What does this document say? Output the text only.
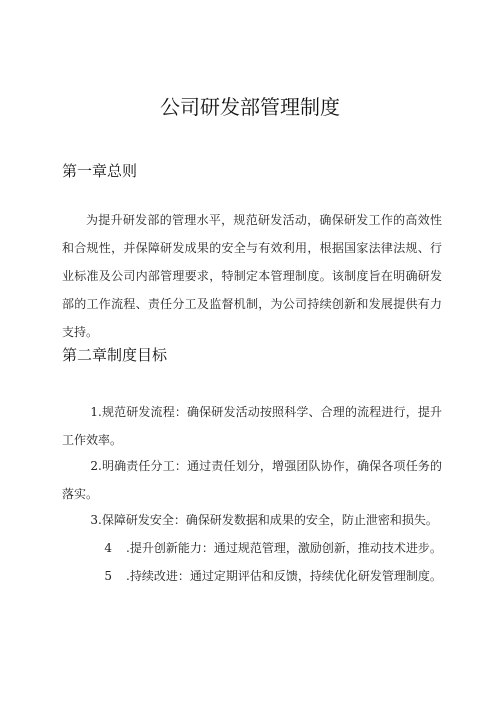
公司研发部管理制度
第一章总则

为提升研发部的管理水平，规范研发活动，确保研发工作的高效性和合规性，并保障研发成果的安全与有效利用，根据国家法律法规、行业标准及公司内部管理要求，特制定本管理制度。该制度旨在明确研发部的工作流程、责任分工及监督机制，为公司持续创新和发展提供有力支持。

第二章制度目标

1.规范研发流程：确保研发活动按照科学、合理的流程进行，提升工作效率。

2.明确责任分工：通过责任划分，增强团队协作，确保各项任务的落实。

3.保障研发安全：确保研发数据和成果的安全，防止泄密和损失。

4 .提升创新能力：通过规范管理，激励创新，推动技术进步。

5 .持续改进：通过定期评估和反馈，持续优化研发管理制度。
